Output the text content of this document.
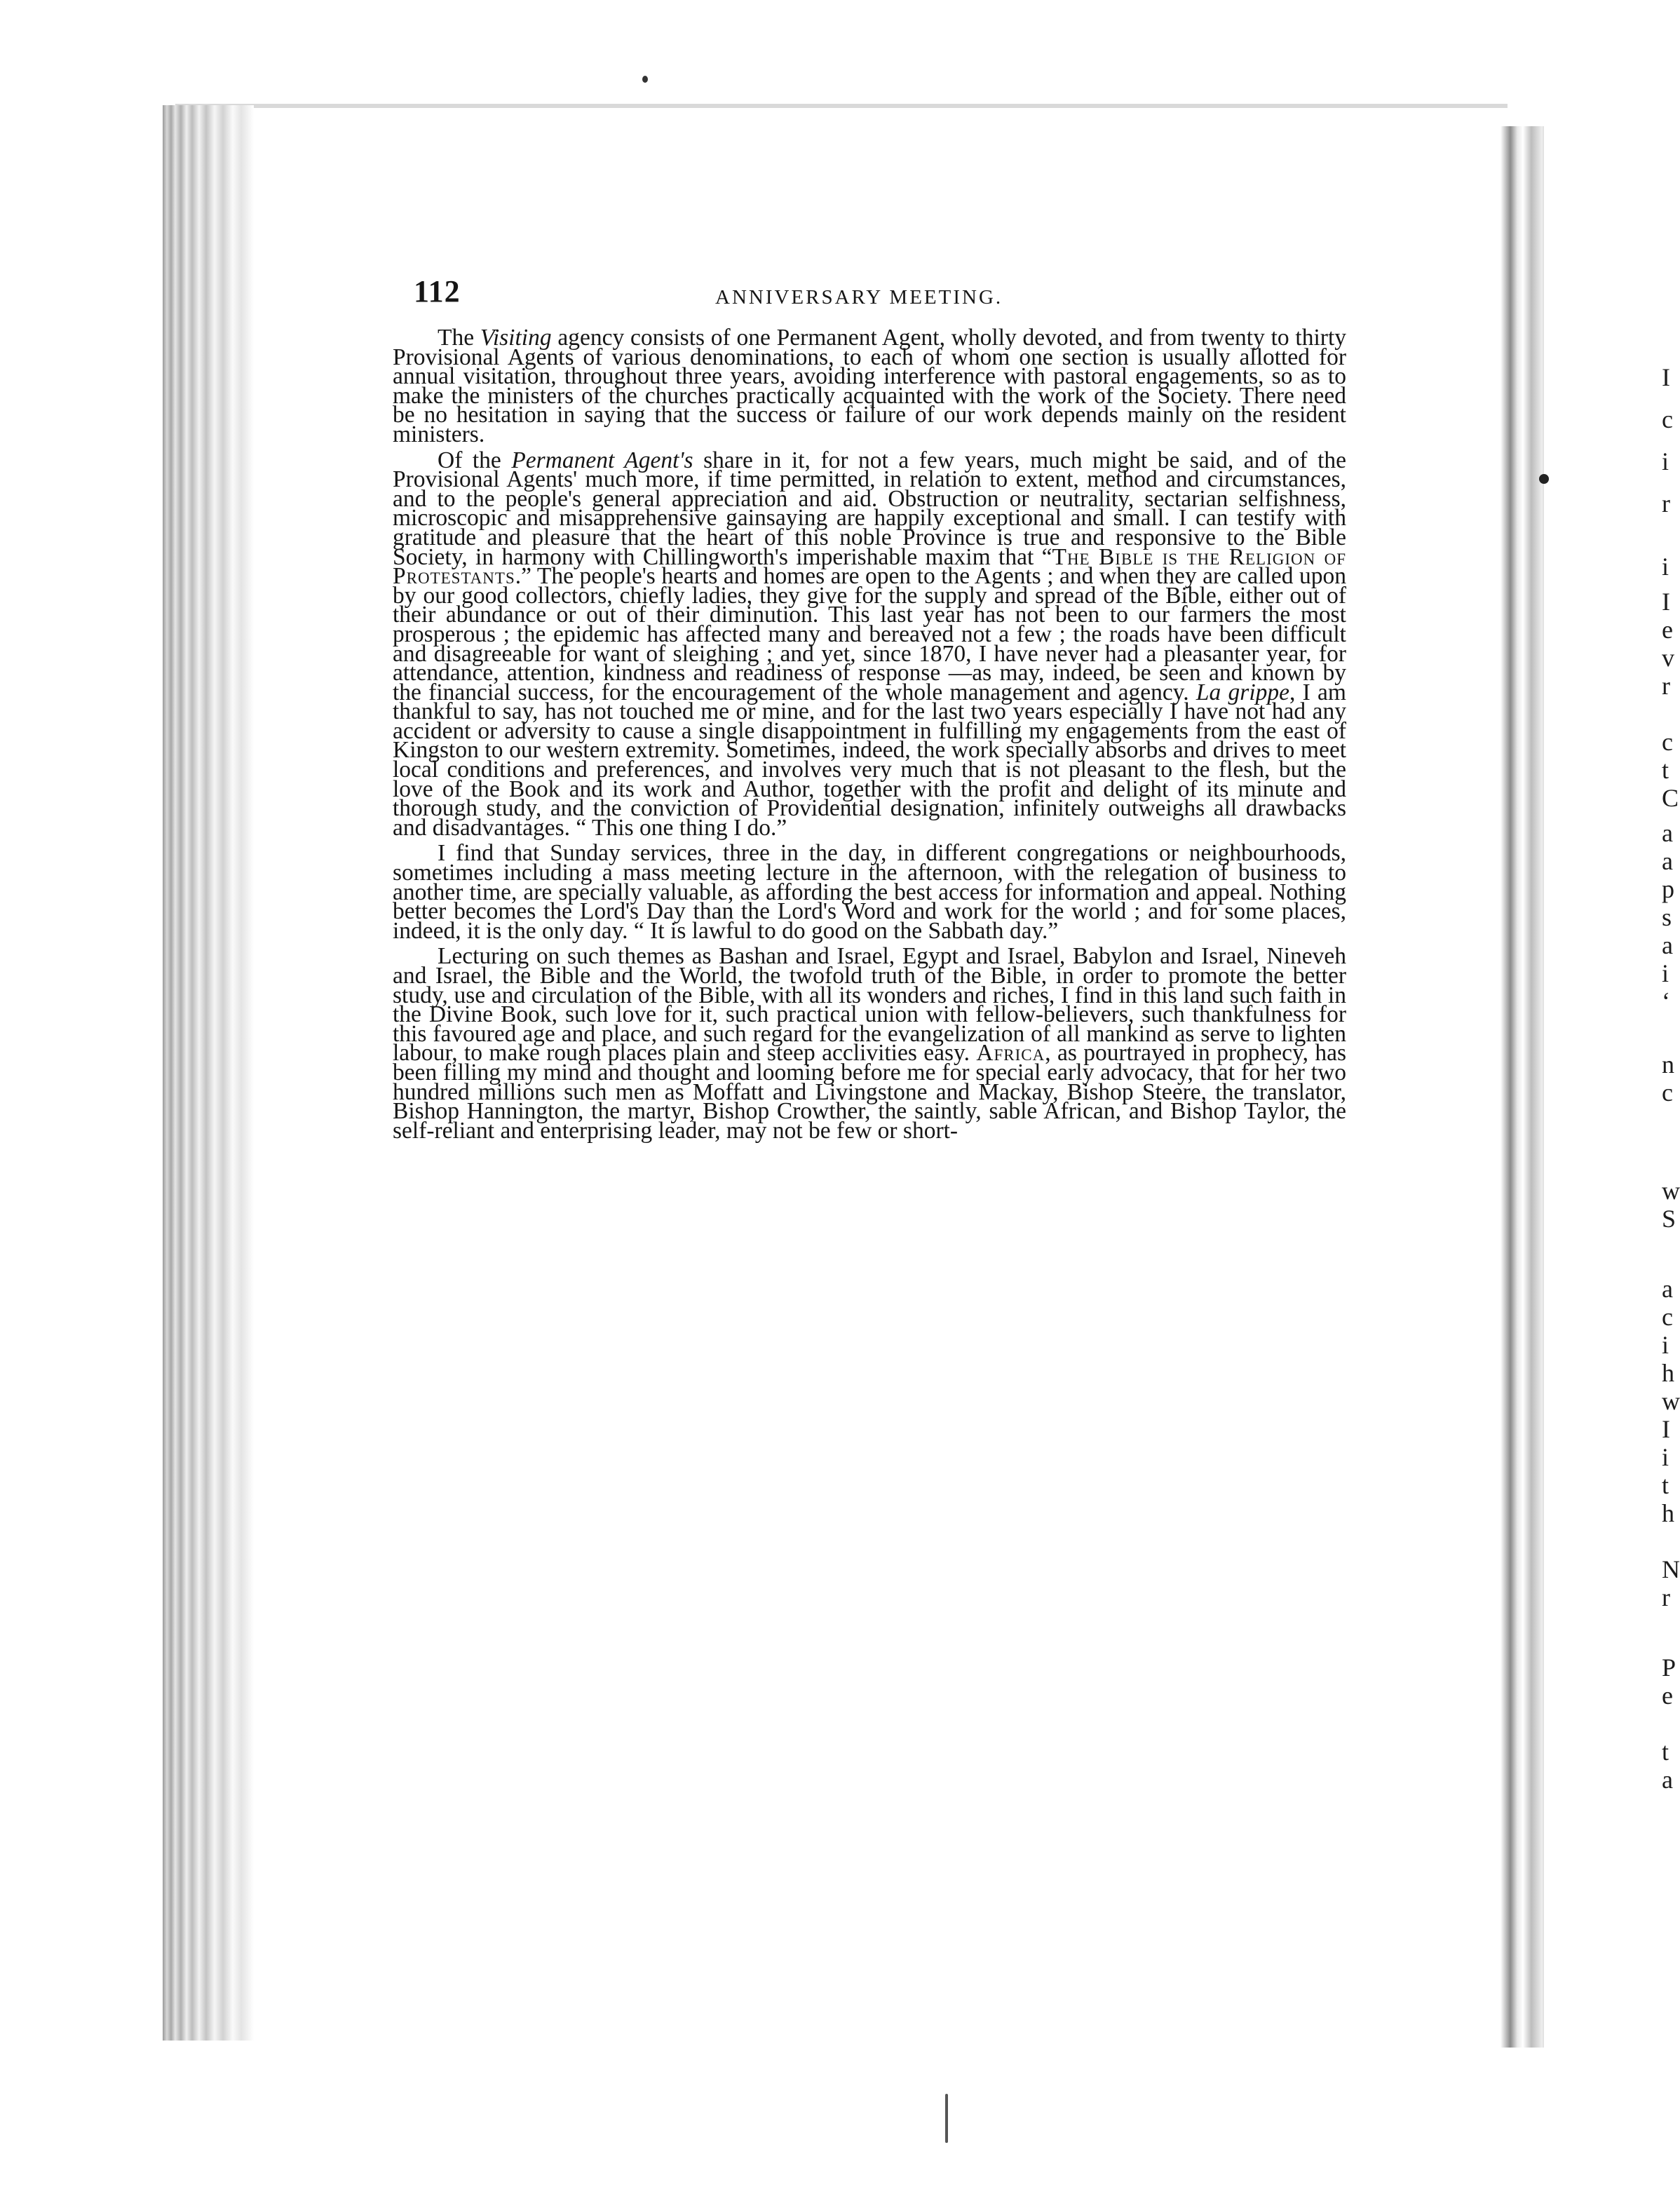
I
c
i
r
i
I
e
v
r
c
t
C
a
a
p
s
a
i
‘
n
c
w
S
a
c
i
h
w
I
i
t
h
N
r
P
e
t
a
112	ANNIVERSARY MEETING.

The Visiting agency consists of one Permanent Agent, wholly devoted, and from twenty to thirty Provisional Agents of various denominations, to each of whom one section is usually allotted for annual visitation, throughout three years, avoiding interference with pastoral engagements, so as to make the ministers of the churches practically acquainted with the work of the Society. There need be no hesitation in saying that the success or failure of our work depends mainly on the resident ministers.

Of the Permanent Agent's share in it, for not a few years, much might be said, and of the Provisional Agents' much more, if time permitted, in relation to extent, method and circumstances, and to the people's general appreciation and aid. Obstruction or neutrality, sectarian selfishness, microscopic and misapprehensive gainsaying are happily exceptional and small. I can testify with gratitude and pleasure that the heart of this noble Province is true and responsive to the Bible Society, in harmony with Chillingworth's imperishable maxim that “The Bible is the Religion of Protestants.” The people's hearts and homes are open to the Agents ; and when they are called upon by our good collectors, chiefly ladies, they give for the supply and spread of the Bible, either out of their abundance or out of their diminution. This last year has not been to our farmers the most prosperous ; the epidemic has affected many and bereaved not a few ; the roads have been difficult and disagreeable for want of sleighing ; and yet, since 1870, I have never had a pleasanter year, for attendance, attention, kindness and readiness of response —as may, indeed, be seen and known by the financial success, for the encouragement of the whole management and agency. La grippe, I am thankful to say, has not touched me or mine, and for the last two years especially I have not had any accident or adversity to cause a single disappointment in fulfilling my engagements from the east of Kingston to our western extremity. Sometimes, indeed, the work specially absorbs and drives to meet local conditions and preferences, and involves very much that is not pleasant to the flesh, but the love of the Book and its work and Author, together with the profit and delight of its minute and thorough study, and the conviction of Providential designation, infinitely outweighs all drawbacks and disadvantages. “ This one thing I do.”

I find that Sunday services, three in the day, in different congregations or neighbourhoods, sometimes including a mass meeting lecture in the afternoon, with the relegation of business to another time, are specially valuable, as affording the best access for information and appeal. Nothing better becomes the Lord's Day than the Lord's Word and work for the world ; and for some places, indeed, it is the only day. “ It is lawful to do good on the Sabbath day.”

Lecturing on such themes as Bashan and Israel, Egypt and Israel, Babylon and Israel, Nineveh and Israel, the Bible and the World, the twofold truth of the Bible, in order to promote the better study, use and circulation of the Bible, with all its wonders and riches, I find in this land such faith in the Divine Book, such love for it, such practical union with fellow-believers, such thankfulness for this favoured age and place, and such regard for the evangelization of all mankind as serve to lighten labour, to make rough places plain and steep acclivities easy. Africa, as pourtrayed in prophecy, has been filling my mind and thought and looming before me for special early advocacy, that for her two hundred millions such men as Moffatt and Livingstone and Mackay, Bishop Steere, the translator, Bishop Hannington, the martyr, Bishop Crowther, the saintly, sable African, and Bishop Taylor, the self-reliant and enterprising leader, may not be few or short-
